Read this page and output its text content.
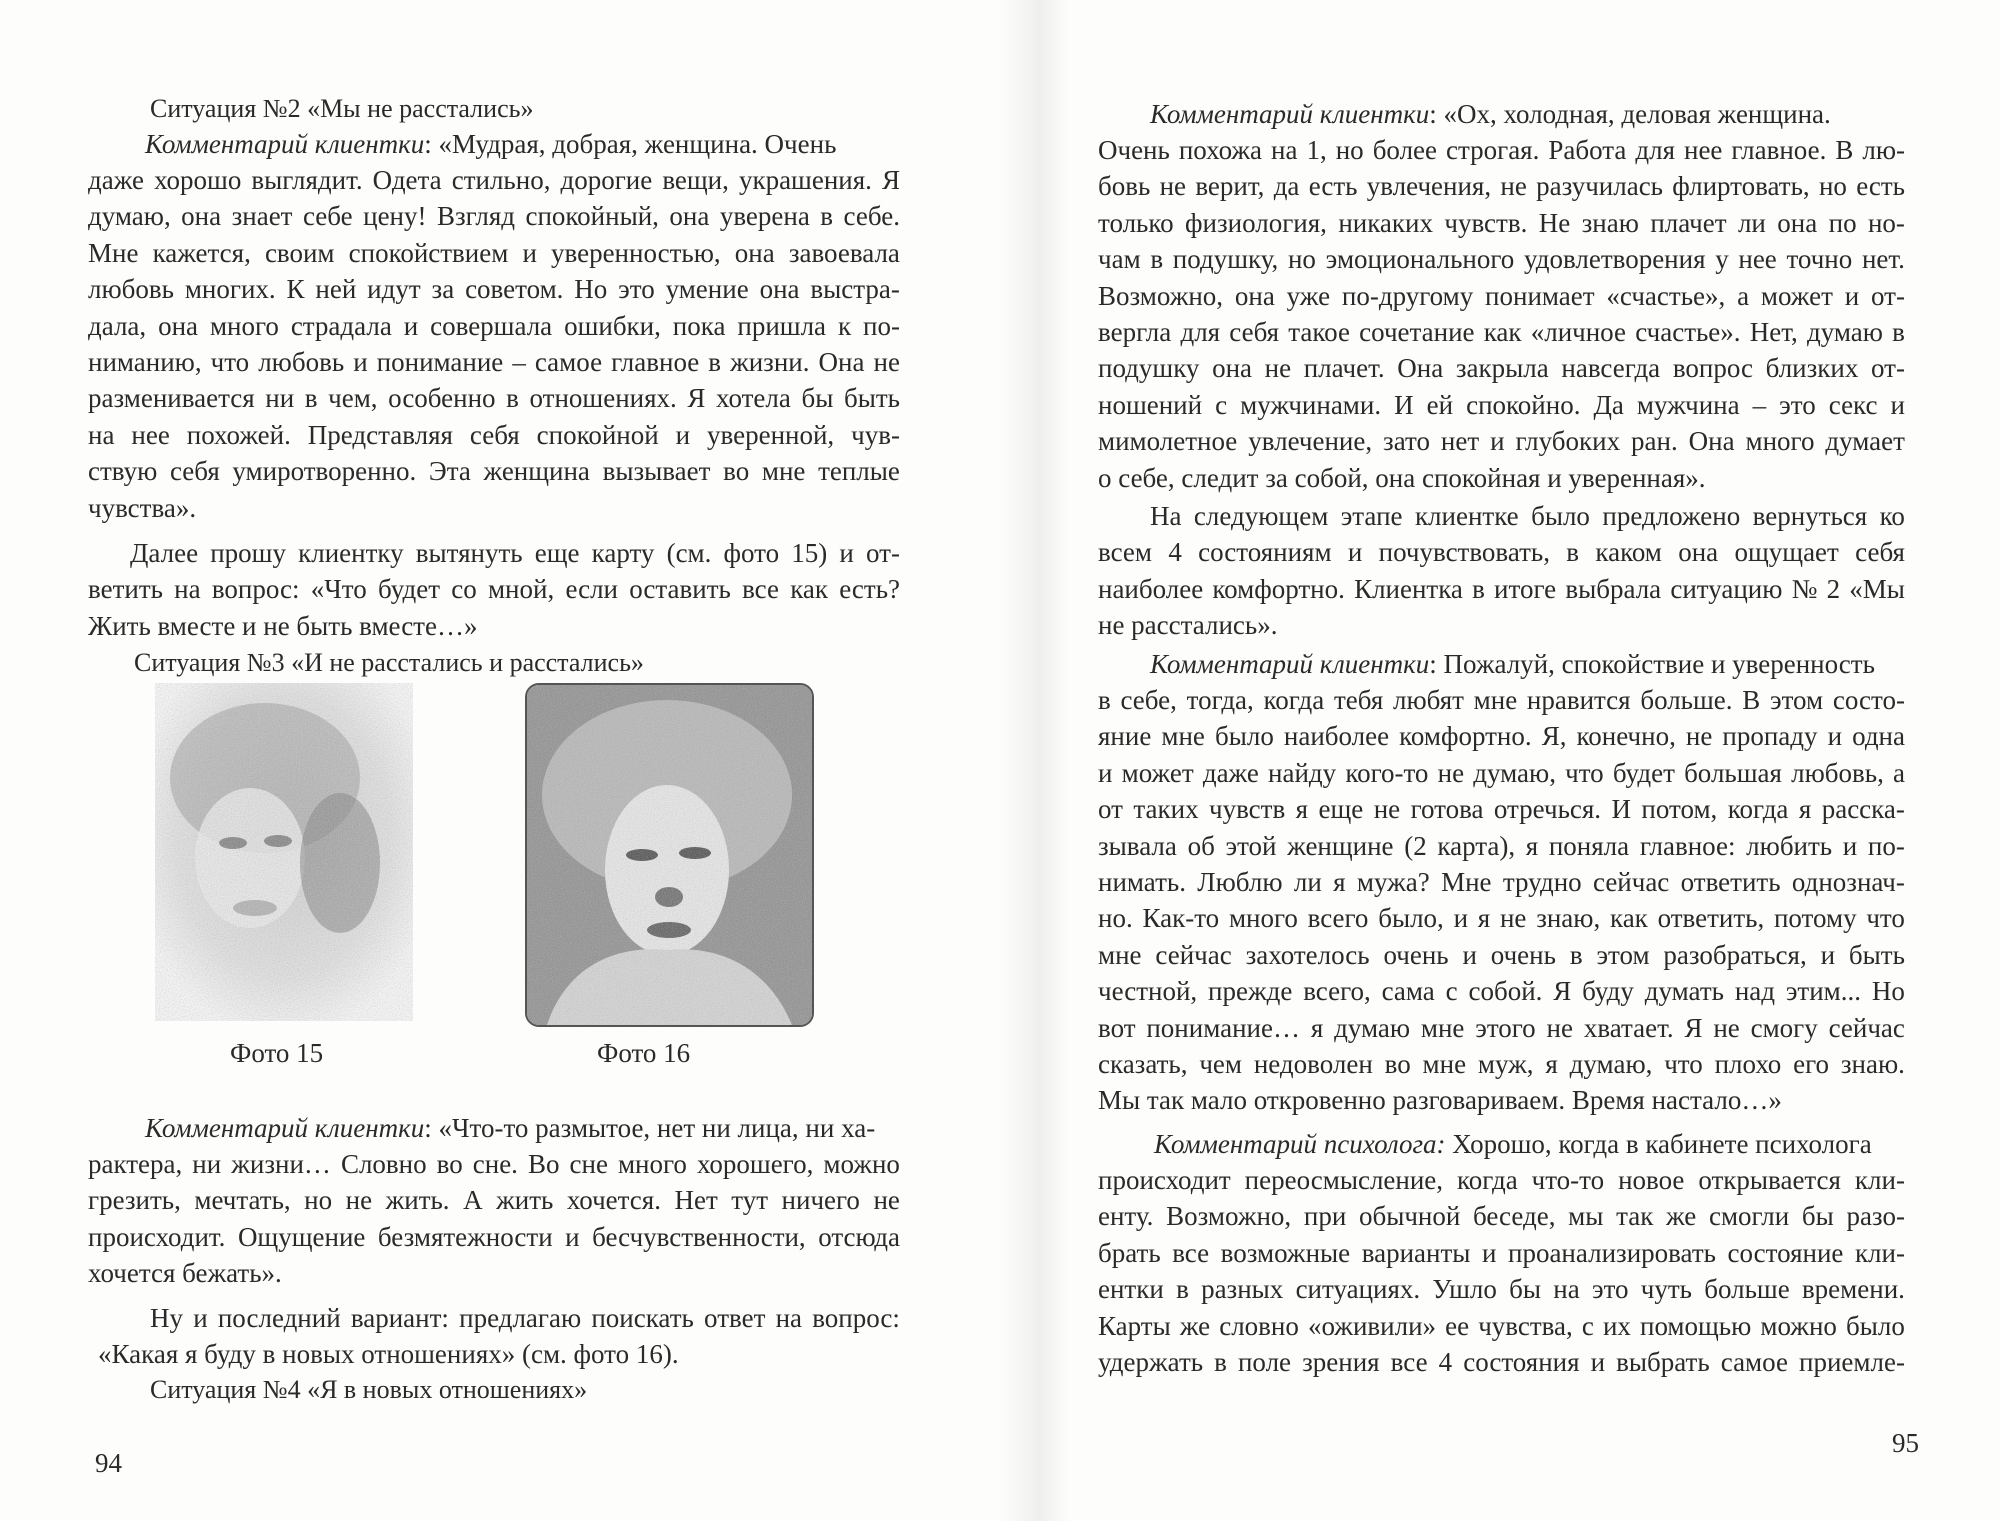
Ситуация №2 «Мы не расстались»
Комментарий клиентки: «Мудрая, добрая, женщина. Очень
даже хорошо выглядит. Одета стильно, дорогие вещи, украшения. Я
думаю, она знает себе цену! Взгляд спокойный, она уверена в себе.
Мне кажется, своим спокойствием и уверенностью, она завоевала
любовь многих. К ней идут за советом. Но это умение она выстра-
дала, она много страдала и совершала ошибки, пока пришла к по-
ниманию, что любовь и понимание – самое главное в жизни. Она не
разменивается ни в чем, особенно в отношениях. Я хотела бы быть
на нее похожей. Представляя себя спокойной и уверенной, чув-
ствую себя умиротворенно. Эта женщина вызывает во мне теплые
чувства».
Далее прошу клиентку вытянуть еще карту (см. фото 15) и от-
ветить на вопрос: «Что будет со мной, если оставить все как есть?
Жить вместе и не быть вместе…»
Ситуация №3 «И не расстались и расстались»
Фото 15	Фото 16
Комментарий клиентки: «Что-то размытое, нет ни лица, ни ха-
рактера, ни жизни… Словно во сне. Во сне много хорошего, можно
грезить, мечтать, но не жить. А жить хочется. Нет тут ничего не
происходит. Ощущение безмятежности и бесчувственности, отсюда
хочется бежать».
Ну и последний вариант: предлагаю поискать ответ на вопрос:
«Какая я буду в новых отношениях» (см. фото 16).
Ситуация №4 «Я в новых отношениях»
94
Комментарий клиентки: «Ох, холодная, деловая женщина.
Очень похожа на 1, но более строгая. Работа для нее главное. В лю-
бовь не верит, да есть увлечения, не разучилась флиртовать, но есть
только физиология, никаких чувств. Не знаю плачет ли она по но-
чам в подушку, но эмоционального удовлетворения у нее точно нет.
Возможно, она уже по-другому понимает «счастье», а может и от-
вергла для себя такое сочетание как «личное счастье». Нет, думаю в
подушку она не плачет. Она закрыла навсегда вопрос близких от-
ношений с мужчинами. И ей спокойно. Да мужчина – это секс и
мимолетное увлечение, зато нет и глубоких ран. Она много думает
о себе, следит за собой, она спокойная и уверенная».
На следующем этапе клиентке было предложено вернуться ко
всем 4 состояниям и почувствовать, в каком она ощущает себя
наиболее комфортно. Клиентка в итоге выбрала ситуацию № 2 «Мы
не расстались».
Комментарий клиентки: Пожалуй, спокойствие и уверенность
в себе, тогда, когда тебя любят мне нравится больше. В этом состо-
яние мне было наиболее комфортно. Я, конечно, не пропаду и одна
и может даже найду кого-то не думаю, что будет большая любовь, а
от таких чувств я еще не готова отречься. И потом, когда я расска-
зывала об этой женщине (2 карта), я поняла главное: любить и по-
нимать. Люблю ли я мужа? Мне трудно сейчас ответить однознач-
но. Как-то много всего было, и я не знаю, как ответить, потому что
мне сейчас захотелось очень и очень в этом разобраться, и быть
честной, прежде всего, сама с собой. Я буду думать над этим... Но
вот понимание… я думаю мне этого не хватает. Я не смогу сейчас
сказать, чем недоволен во мне муж, я думаю, что плохо его знаю.
Мы так мало откровенно разговариваем. Время настало…»
Комментарий психолога: Хорошо, когда в кабинете психолога
происходит переосмысление, когда что-то новое открывается кли-
енту. Возможно, при обычной беседе, мы так же смогли бы разо-
брать все возможные варианты и проанализировать состояние кли-
ентки в разных ситуациях. Ушло бы на это чуть больше времени.
Карты же словно «оживили» ее чувства, с их помощью можно было
удержать в поле зрения все 4 состояния и выбрать самое приемле-
95
